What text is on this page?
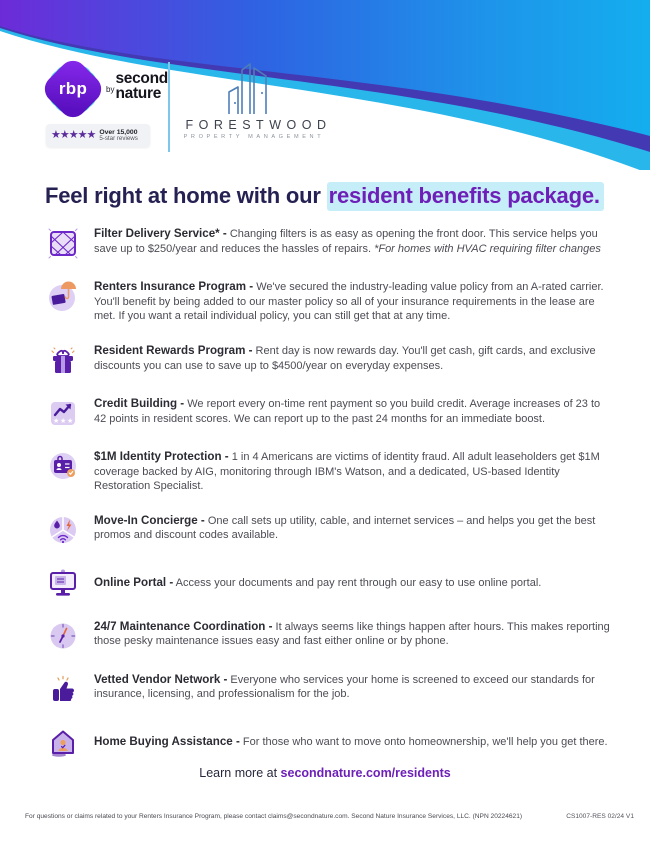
rbp	$^{by}$
second
nature
★★★★★ Over 15,000
5-star reviews
FORESTWOOD
PROPERTY MANAGEMENT
Feel right at home with our resident benefits package.

Filter Delivery Service* - Changing filters is as easy as opening the front door. This service helps you save up to $250/year and reduces the hassles of repairs. *For homes with HVAC requiring filter changes

Renters Insurance Program - We've secured the industry-leading value policy from an A-rated carrier. You'll benefit by being added to our master policy so all of your insurance requirements in the lease are met. If you want a retail individual policy, you can still get that at any time.

Resident Rewards Program - Rent day is now rewards day. You'll get cash, gift cards, and exclusive discounts you can use to save up to $4500/year on everyday expenses.

★ ★ ★

Credit Building - We report every on-time rent payment so you build credit. Average increases of 23 to 42 points in resident scores. We can report up to the past 24 months for an immediate boost.

$1M Identity Protection - 1 in 4 Americans are victims of identity fraud. All adult leaseholders get $1M coverage backed by AIG, monitoring through IBM's Watson, and a dedicated, US-based Identity Restoration Specialist.

Move-In Concierge - One call sets up utility, cable, and internet services – and helps you get the best promos and discount codes available.

Online Portal - Access your documents and pay rent through our easy to use online portal.

24/7 Maintenance Coordination - It always seems like things happen after hours. This makes reporting those pesky maintenance issues easy and fast either online or by phone.

Vetted Vendor Network - Everyone who services your home is screened to exceed our standards for insurance, licensing, and professionalism for the job.

Home Buying Assistance - For those who want to move onto homeownership, we'll help you get there.

Learn more at secondnature.com/residents
For questions or claims related to your Renters Insurance Program, please contact claims@secondnature.com. Second Nature Insurance Services, LLC. (NPN 20224621)	CS1007-RES 02/24 V1
